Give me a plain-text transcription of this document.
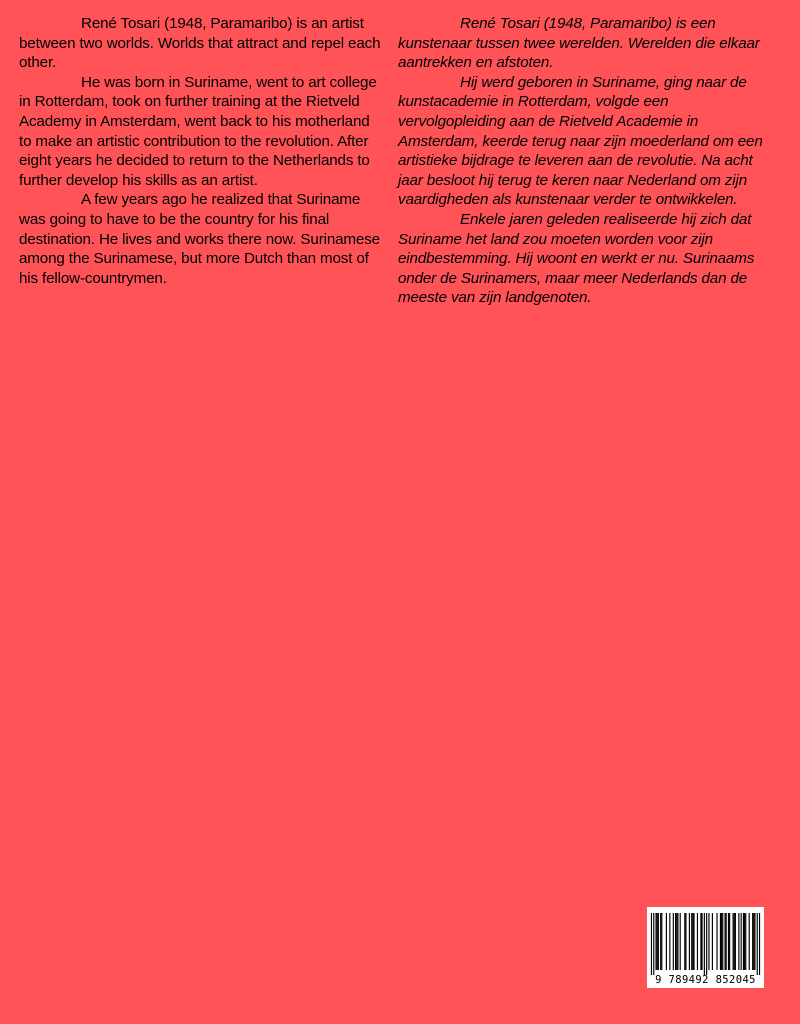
René Tosari (1948, Paramaribo) is an artist between two worlds. Worlds that attract and repel each other.

He was born in Suriname, went to art college in Rotterdam, took on further training at the Rietveld Academy in Amsterdam, went back to his motherland to make an artistic contribution to the revolution. After eight years he decided to return to the Netherlands to further develop his skills as an artist.

A few years ago he realized that Suriname was going to have to be the country for his final destination. He lives and works there now. Surinamese among the Surinamese, but more Dutch than most of his fellow-countrymen.

René Tosari (1948, Paramaribo) is een kunstenaar tussen twee werelden. Werelden die elkaar aantrekken en afstoten.

Hij werd geboren in Suriname, ging naar de kunstacademie in Rotterdam, volgde een vervolgopleiding aan de Rietveld Academie in Amsterdam, keerde terug naar zijn moederland om een artistieke bijdrage te leveren aan de revolutie. Na acht jaar besloot hij terug te keren naar Nederland om zijn vaardigheden als kunstenaar verder te ontwikkelen.

Enkele jaren geleden realiseerde hij zich dat Suriname het land zou moeten worden voor zijn eindbestemming. Hij woont en werkt er nu. Surinaams onder de Surinamers, maar meer Nederlands dan de meeste van zijn landgenoten.

9 789492 852045
